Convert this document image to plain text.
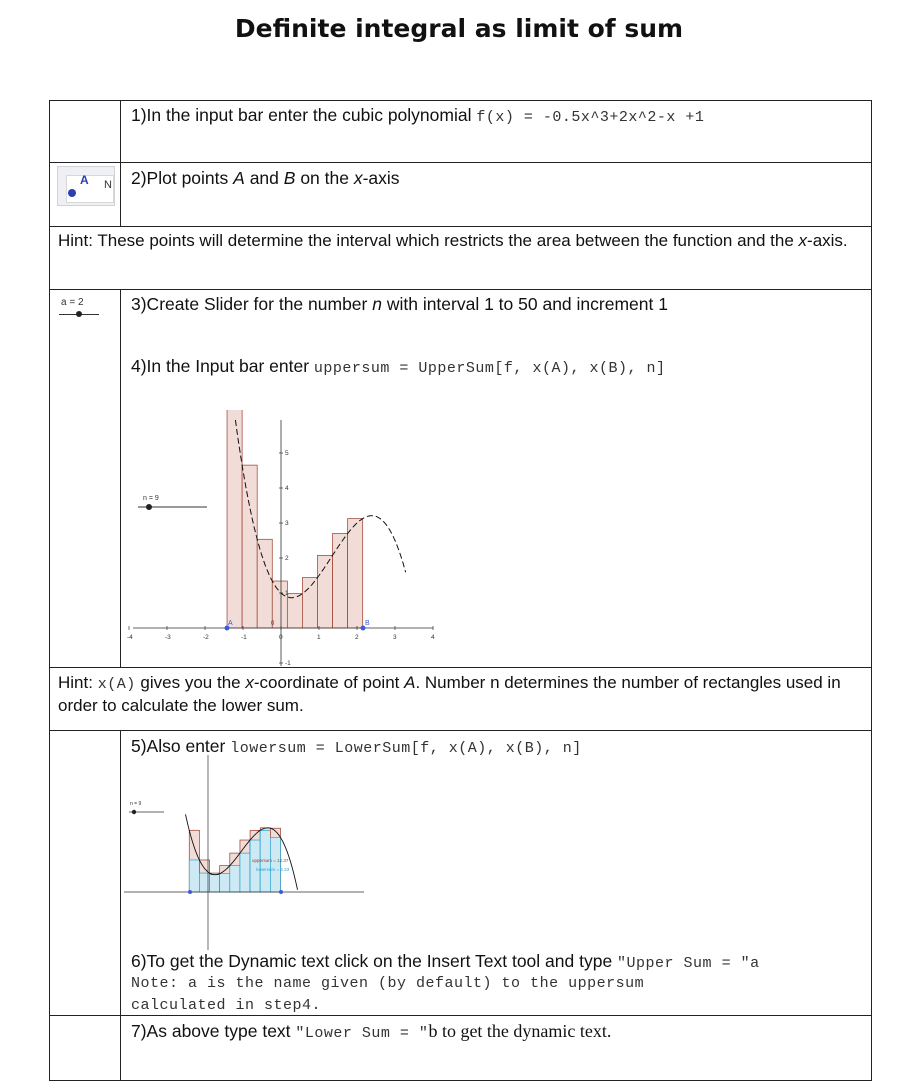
Definite integral as limit of sum
1)In the input bar enter the cubic polynomial f(x) = -0.5x^3+2x^2-x +1
A N 2)Plot points A and B on the x-axis
Hint: These points will determine the interval which restricts the area between the function and the x-axis.
a = 2	3)Create Slider for the number n with interval 1 to 50 and increment 1
4)In the Input bar enter uppersum = UpperSum[f, x(A), x(B), n]
n = 9
-4	-3	-2	-1	0	1	2	3	4
-1
1
2
3
4
5
0
A	B
Hint: x(A) gives you the x-coordinate of point A. Number n determines the number of rectangles used in order to calculate the lower sum.
5)Also enter lowersum = LowerSum[f, x(A), x(B), n]
n = 9
uppersum = 12.37
lowersum = 6.33
6)To get the Dynamic text click on the Insert Text tool and type "Upper Sum = "a
Note: a is the name given (by default) to the uppersum
calculated in step4.
7)As above type text "Lower Sum = "b to get the dynamic text.
